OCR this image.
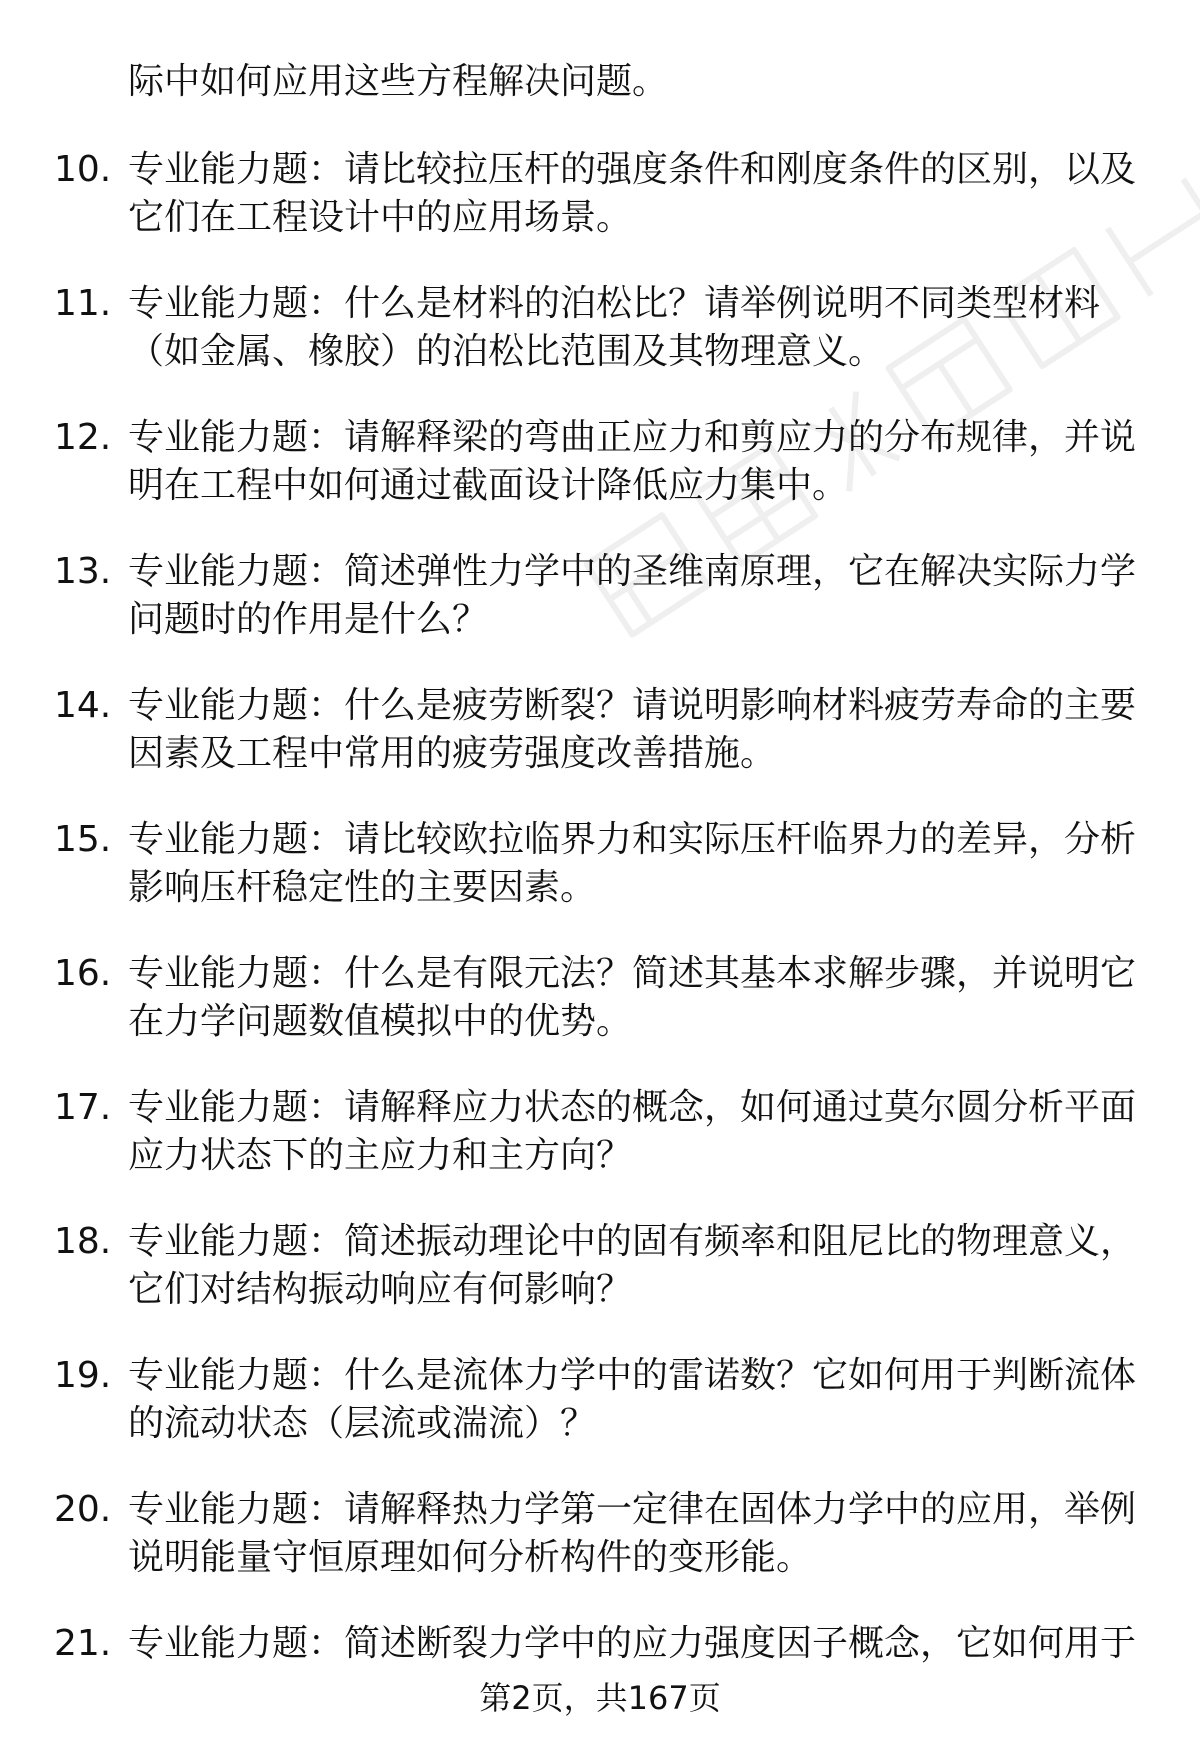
际中如何应用这些方程解决问题。
10. 专业能力题：请比较拉压杆的强度条件和刚度条件的区别，以及
它们在工程设计中的应用场景。
11. 专业能力题：什么是材料的泊松比？请举例说明不同类型材料
（如金属、橡胶）的泊松比范围及其物理意义。
12. 专业能力题：请解释梁的弯曲正应力和剪应力的分布规律，并说
明在工程中如何通过截面设计降低应力集中。
13. 专业能力题：简述弹性力学中的圣维南原理，它在解决实际力学
问题时的作用是什么？
14. 专业能力题：什么是疲劳断裂？请说明影响材料疲劳寿命的主要
因素及工程中常用的疲劳强度改善措施。
15. 专业能力题：请比较欧拉临界力和实际压杆临界力的差异，分析
影响压杆稳定性的主要因素。
16. 专业能力题：什么是有限元法？简述其基本求解步骤，并说明它
在力学问题数值模拟中的优势。
17. 专业能力题：请解释应力状态的概念，如何通过莫尔圆分析平面
应力状态下的主应力和主方向？
18. 专业能力题：简述振动理论中的固有频率和阻尼比的物理意义，
它们对结构振动响应有何影响？
19. 专业能力题：什么是流体力学中的雷诺数？它如何用于判断流体
的流动状态（层流或湍流）？
20. 专业能力题：请解释热力学第一定律在固体力学中的应用，举例
说明能量守恒原理如何分析构件的变形能。
21. 专业能力题：简述断裂力学中的应力强度因子概念，它如何用于
第2页，共167页
